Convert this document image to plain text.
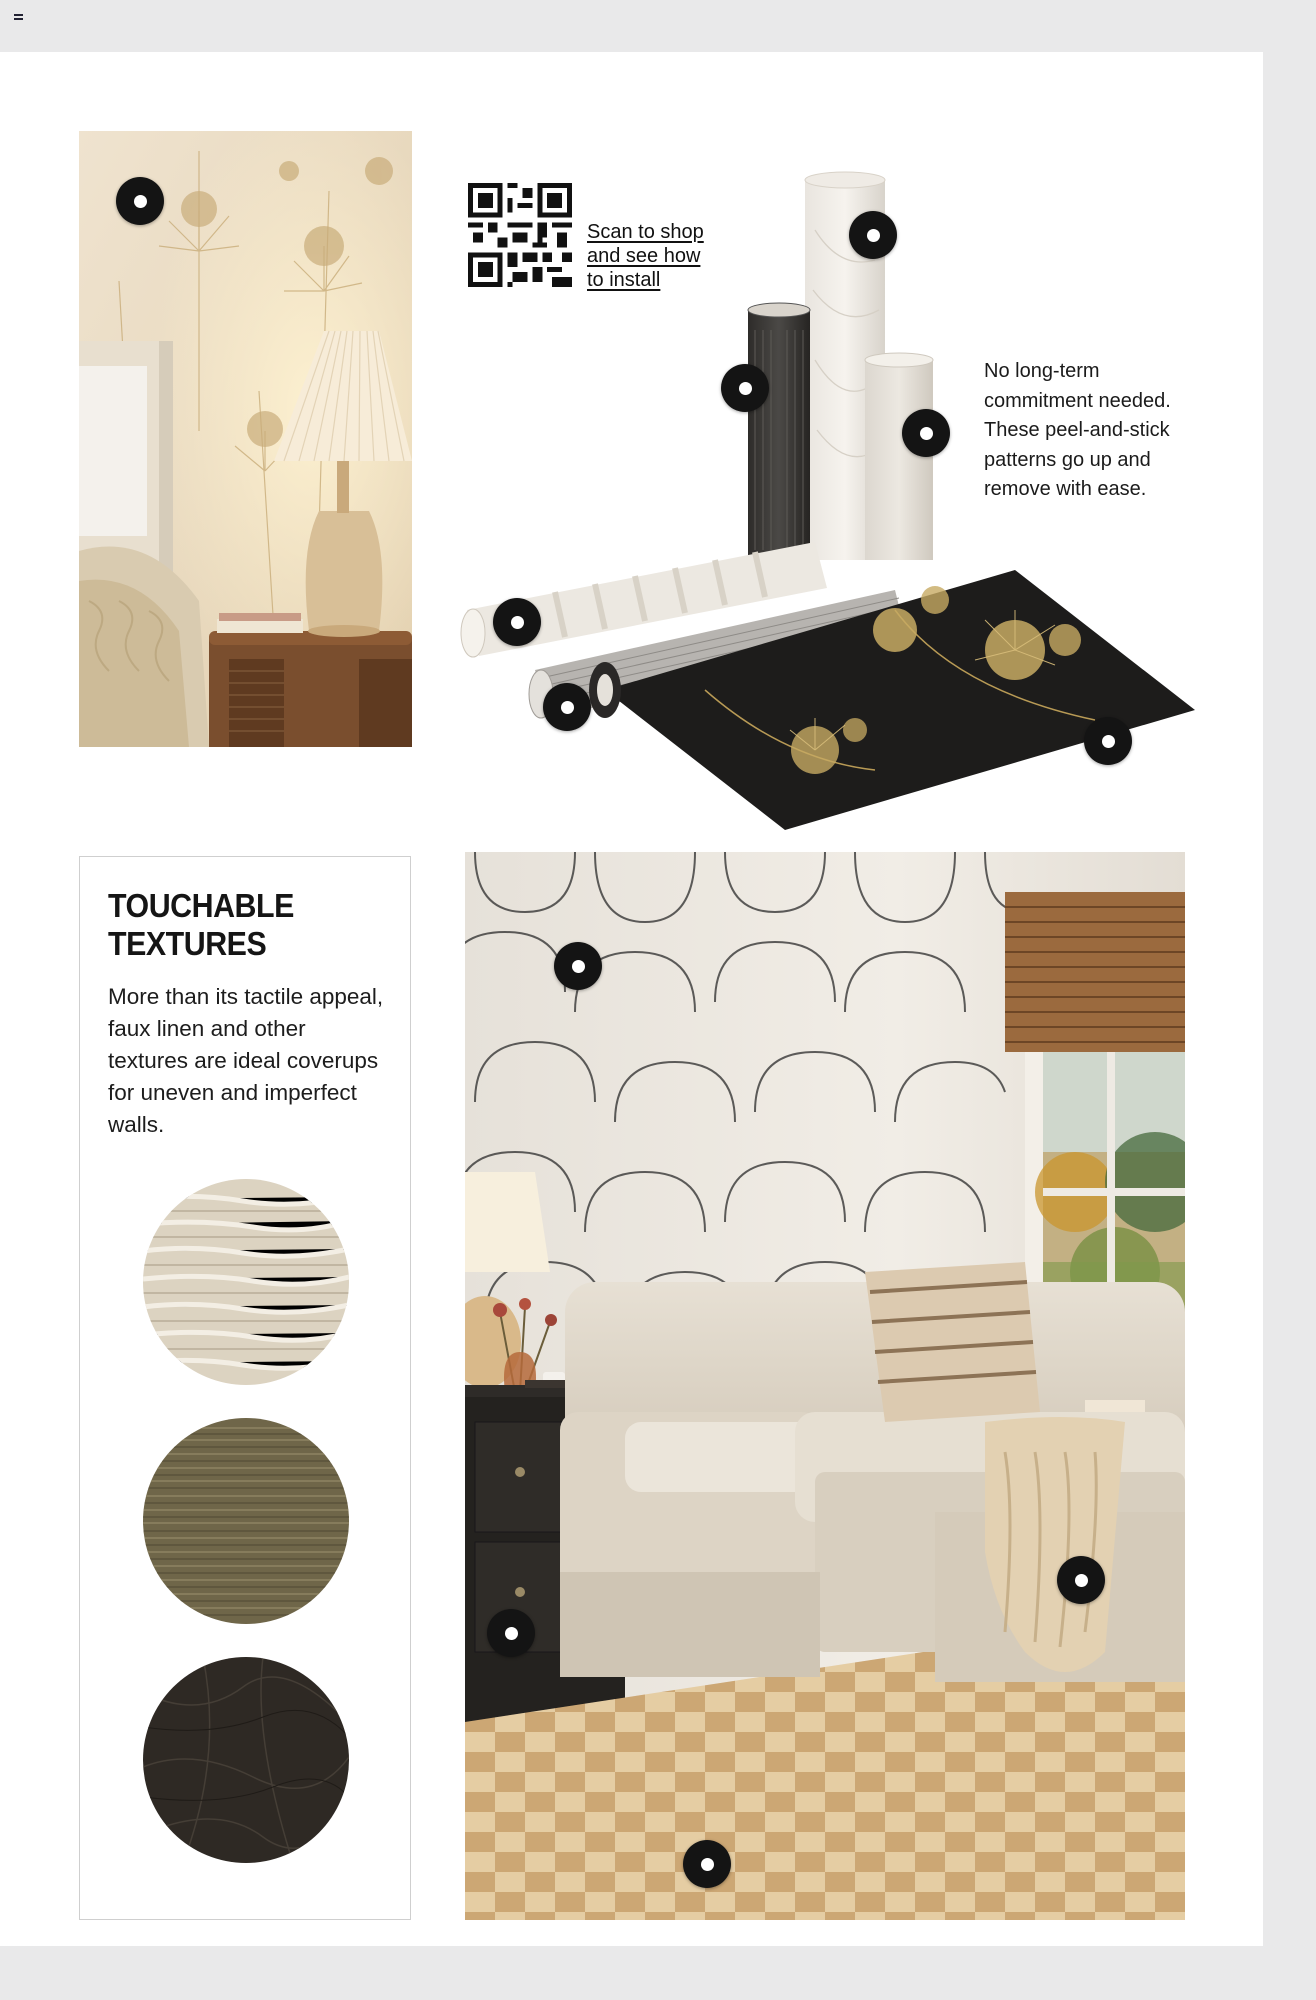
Scan to shop
and see how
to install

No long-term commitment needed. These peel-and-stick patterns go up and remove with ease.

TOUCHABLE TEXTURES

More than its tactile appeal, faux linen and other textures are ideal coverups for uneven and imperfect walls.
